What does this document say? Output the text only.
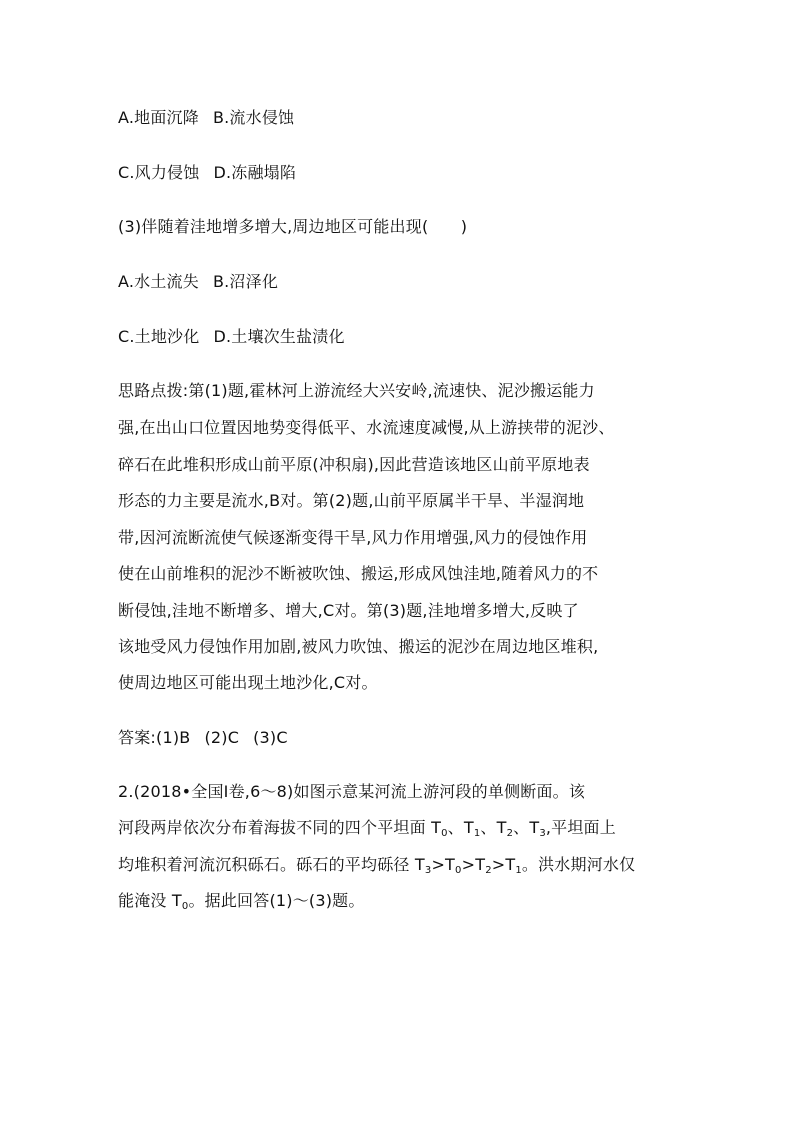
A.地面沉降 B.流水侵蚀
C.风力侵蚀 D.冻融塌陷
(3)伴随着洼地增多增大,周边地区可能出现(　　)
A.水土流失 B.沼泽化
C.土地沙化 D.土壤次生盐渍化
思路点拨:第(1)题,霍林河上游流经大兴安岭,流速快、泥沙搬运能力
强,在出山口位置因地势变得低平、水流速度减慢,从上游挟带的泥沙、
碎石在此堆积形成山前平原(冲积扇),因此营造该地区山前平原地表
形态的力主要是流水,B对。第(2)题,山前平原属半干旱、半湿润地
带,因河流断流使气候逐渐变得干旱,风力作用增强,风力的侵蚀作用
使在山前堆积的泥沙不断被吹蚀、搬运,形成风蚀洼地,随着风力的不
断侵蚀,洼地不断增多、增大,C对。第(3)题,洼地增多增大,反映了
该地受风力侵蚀作用加剧,被风力吹蚀、搬运的泥沙在周边地区堆积,
使周边地区可能出现土地沙化,C对。
答案:(1)B (2)C (3)C
2.(2018•全国Ⅰ卷,6～8)如图示意某河流上游河段的单侧断面。该
河段两岸依次分布着海拔不同的四个平坦面 $T_0$、$T_1$、$T_2$、$T_3$,平坦面上
均堆积着河流沉积砾石。砾石的平均砾径 $T_3>T_0>T_2>T_1$。洪水期河水仅
能淹没 $T_0$。据此回答(1)～(3)题。
